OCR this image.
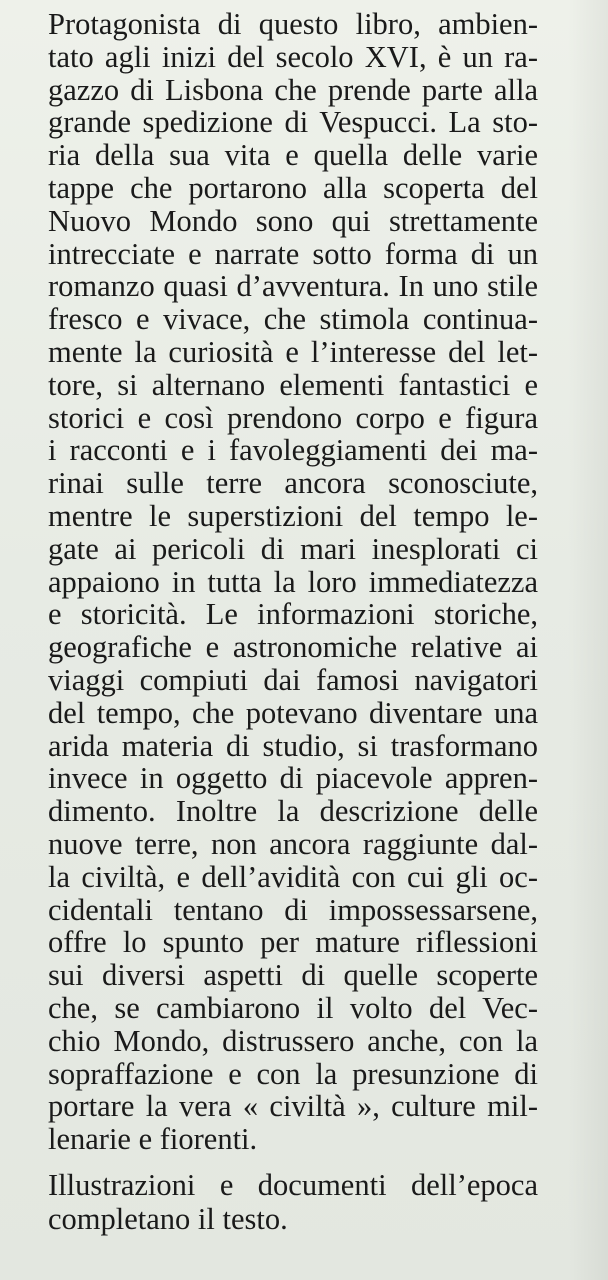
Protagonista di questo libro, ambien-
tato agli inizi del secolo XVI, è un ra-
gazzo di Lisbona che prende parte alla
grande spedizione di Vespucci. La sto-
ria della sua vita e quella delle varie
tappe che portarono alla scoperta del
Nuovo Mondo sono qui strettamente
intrecciate e narrate sotto forma di un
romanzo quasi d’avventura. In uno stile
fresco e vivace, che stimola continua-
mente la curiosità e l’interesse del let-
tore, si alternano elementi fantastici e
storici e così prendono corpo e figura
i racconti e i favoleggiamenti dei ma-
rinai sulle terre ancora sconosciute,
mentre le superstizioni del tempo le-
gate ai pericoli di mari inesplorati ci
appaiono in tutta la loro immediatezza
e storicità. Le informazioni storiche,
geografiche e astronomiche relative ai
viaggi compiuti dai famosi navigatori
del tempo, che potevano diventare una
arida materia di studio, si trasformano
invece in oggetto di piacevole appren-
dimento. Inoltre la descrizione delle
nuove terre, non ancora raggiunte dal-
la civiltà, e dell’avidità con cui gli oc-
cidentali tentano di impossessarsene,
offre lo spunto per mature riflessioni
sui diversi aspetti di quelle scoperte
che, se cambiarono il volto del Vec-
chio Mondo, distrussero anche, con la
sopraffazione e con la presunzione di
portare la vera « civiltà », culture mil-
lenarie e fiorenti.
Illustrazioni e documenti dell’epoca
completano il testo.
